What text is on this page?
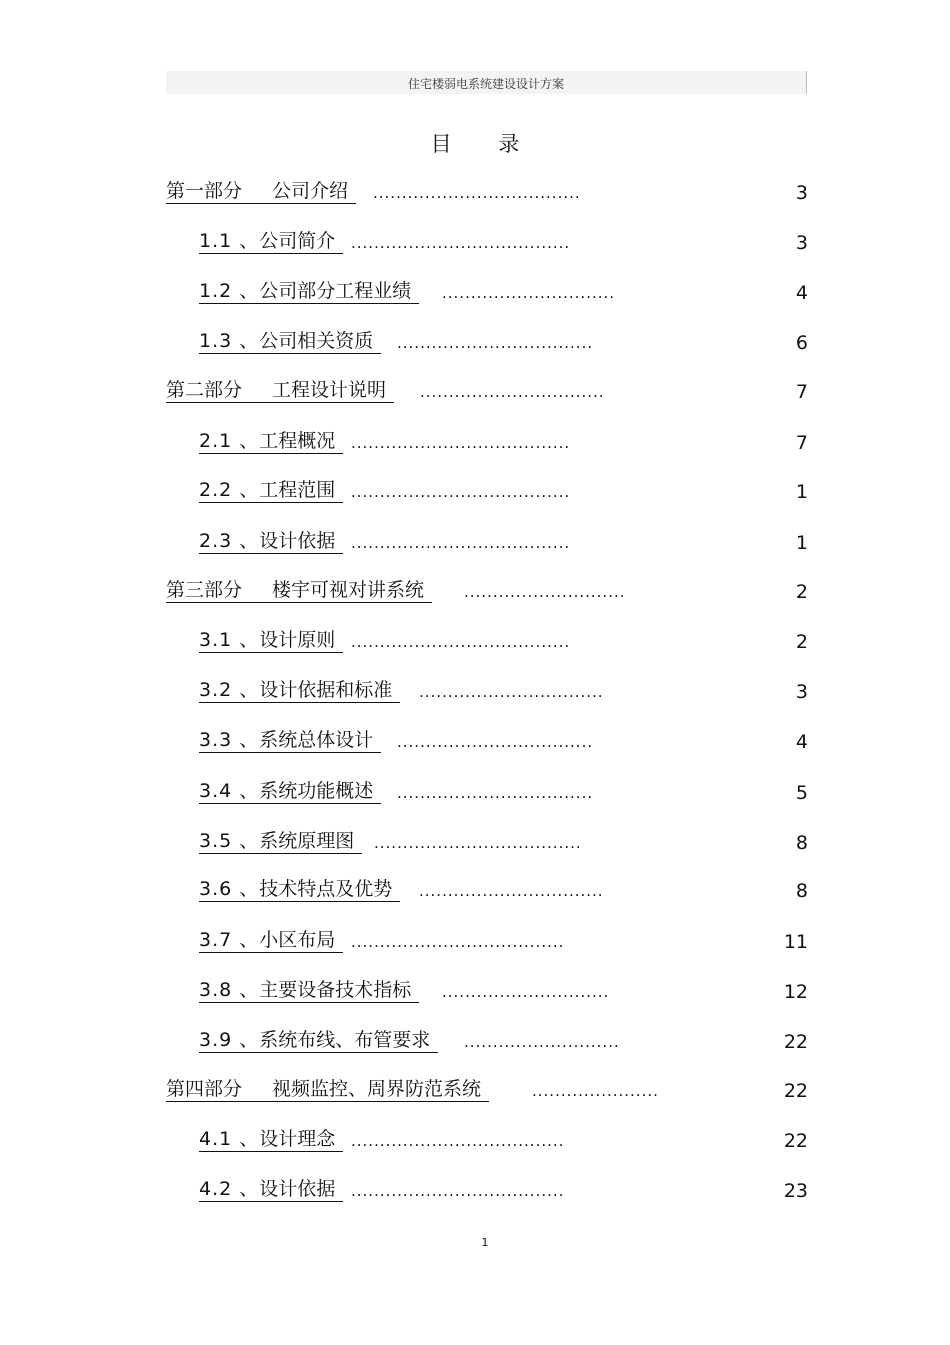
住宅楼弱电系统建设设计方案
目 录
第一部分 公司介绍	....................................	3
1.1 、公司简介	......................................	3
1.2 、公司部分工程业绩	..............................	4
1.3 、公司相关资质	..................................	6
第二部分 工程设计说明	................................	7
2.1 、工程概况	......................................	7
2.2 、工程范围	......................................	1
2.3 、设计依据	......................................	1
第三部分 楼宇可视对讲系统	............................	2
3.1 、设计原则	......................................	2
3.2 、设计依据和标准	................................	3
3.3 、系统总体设计	..................................	4
3.4 、系统功能概述	..................................	5
3.5 、系统原理图	....................................	8
3.6 、技术特点及优势	................................	8
3.7 、小区布局	.....................................	11
3.8 、主要设备技术指标	.............................	12
3.9 、系统布线、布管要求	...........................	22
第四部分 视频监控、周界防范系统	......................	22
4.1 、设计理念	.....................................	22
4.2 、设计依据	.....................................	23
1
